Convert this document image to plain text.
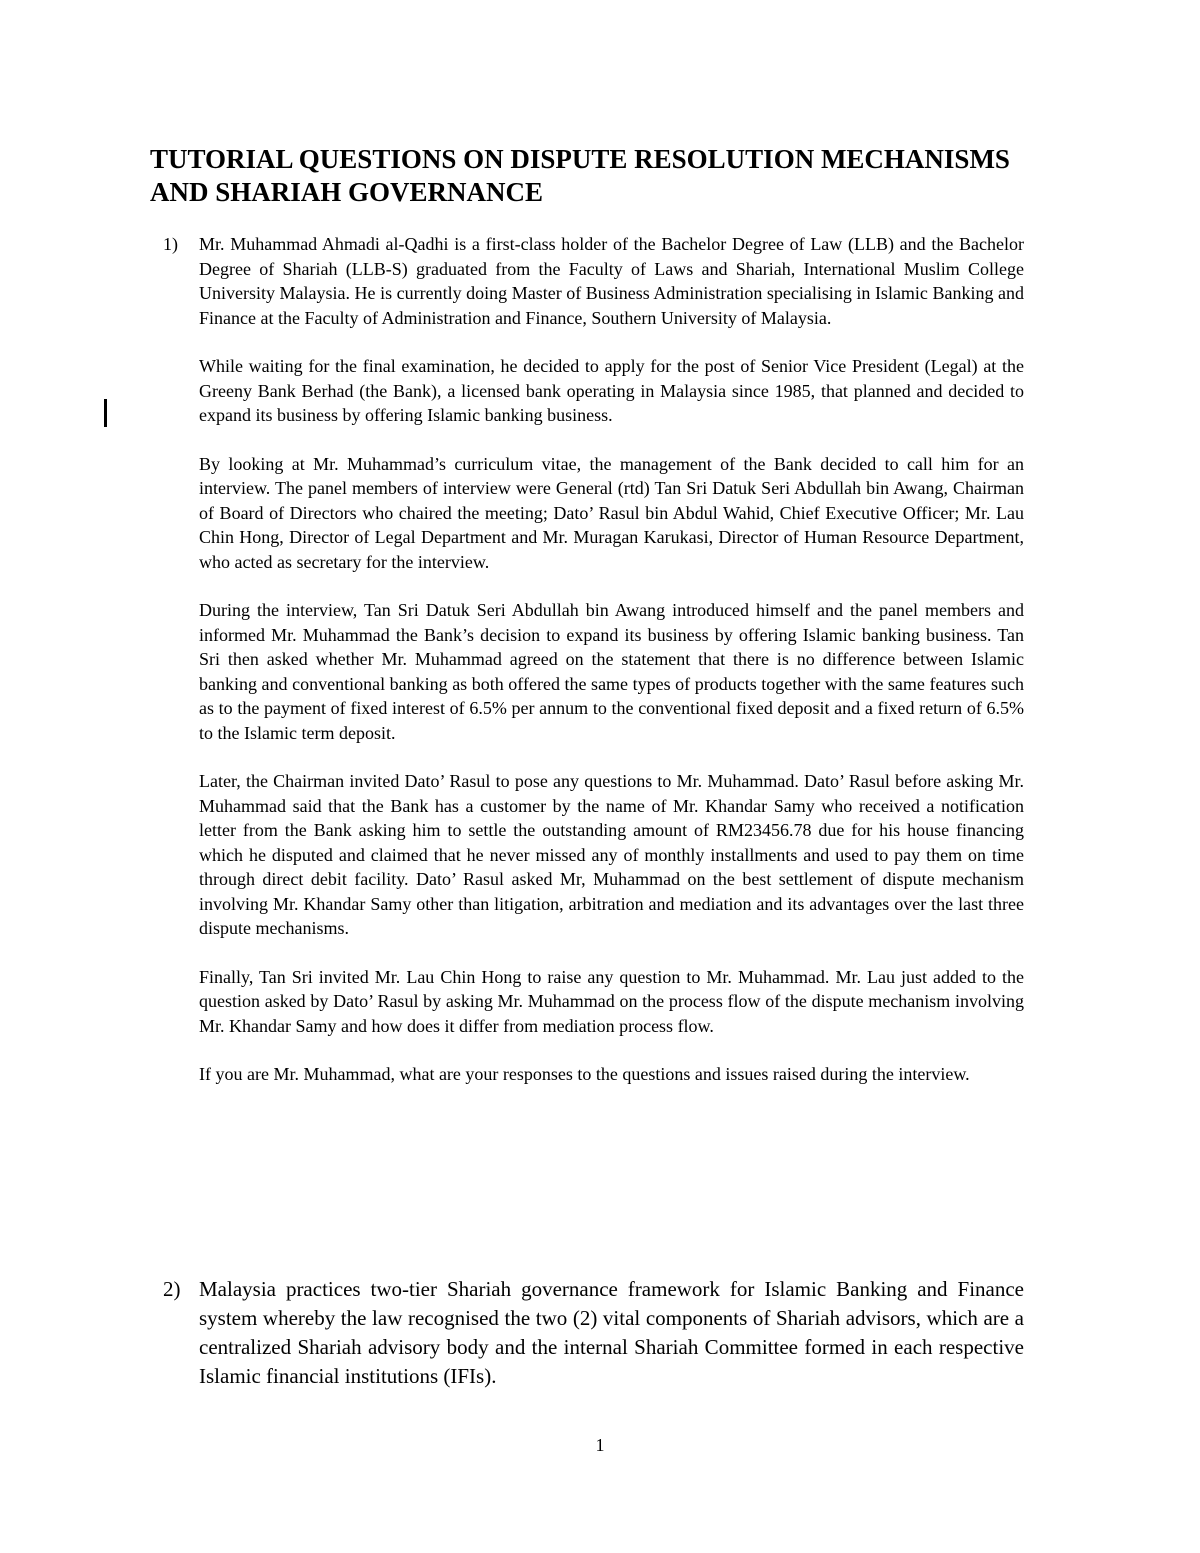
TUTORIAL QUESTIONS ON DISPUTE RESOLUTION MECHANISMS AND SHARIAH GOVERNANCE
1) Mr. Muhammad Ahmadi al-Qadhi is a first-class holder of the Bachelor Degree of Law (LLB) and the Bachelor Degree of Shariah (LLB-S) graduated from the Faculty of Laws and Shariah, International Muslim College University Malaysia. He is currently doing Master of Business Administration specialising in Islamic Banking and Finance at the Faculty of Administration and Finance, Southern University of Malaysia.

While waiting for the final examination, he decided to apply for the post of Senior Vice President (Legal) at the Greeny Bank Berhad (the Bank), a licensed bank operating in Malaysia since 1985, that planned and decided to expand its business by offering Islamic banking business.

By looking at Mr. Muhammad’s curriculum vitae, the management of the Bank decided to call him for an interview. The panel members of interview were General (rtd) Tan Sri Datuk Seri Abdullah bin Awang, Chairman of Board of Directors who chaired the meeting; Dato’ Rasul bin Abdul Wahid, Chief Executive Officer; Mr. Lau Chin Hong, Director of Legal Department and Mr. Muragan Karukasi, Director of Human Resource Department, who acted as secretary for the interview.

During the interview, Tan Sri Datuk Seri Abdullah bin Awang introduced himself and the panel members and informed Mr. Muhammad the Bank’s decision to expand its business by offering Islamic banking business. Tan Sri then asked whether Mr. Muhammad agreed on the statement that there is no difference between Islamic banking and conventional banking as both offered the same types of products together with the same features such as to the payment of fixed interest of 6.5% per annum to the conventional fixed deposit and a fixed return of 6.5% to the Islamic term deposit.

Later, the Chairman invited Dato’ Rasul to pose any questions to Mr. Muhammad. Dato’ Rasul before asking Mr. Muhammad said that the Bank has a customer by the name of Mr. Khandar Samy who received a notification letter from the Bank asking him to settle the outstanding amount of RM23456.78 due for his house financing which he disputed and claimed that he never missed any of monthly installments and used to pay them on time through direct debit facility. Dato’ Rasul asked Mr, Muhammad on the best settlement of dispute mechanism involving Mr. Khandar Samy other than litigation, arbitration and mediation and its advantages over the last three dispute mechanisms.

Finally, Tan Sri invited Mr. Lau Chin Hong to raise any question to Mr. Muhammad. Mr. Lau just added to the question asked by Dato’ Rasul by asking Mr. Muhammad on the process flow of the dispute mechanism involving Mr. Khandar Samy and how does it differ from mediation process flow.

If you are Mr. Muhammad, what are your responses to the questions and issues raised during the interview.

2) Malaysia practices two-tier Shariah governance framework for Islamic Banking and Finance system whereby the law recognised the two (2) vital components of Shariah advisors, which are a centralized Shariah advisory body and the internal Shariah Committee formed in each respective Islamic financial institutions (IFIs).

1
